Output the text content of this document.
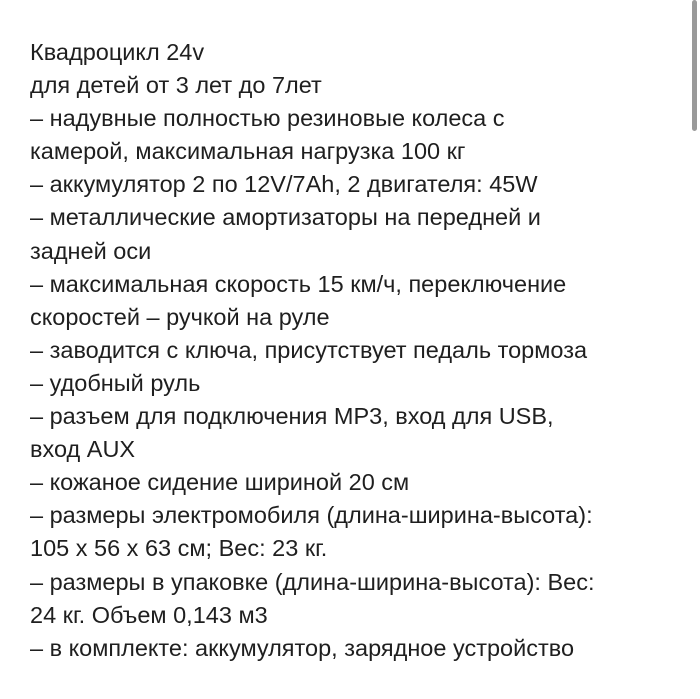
Квадроцикл 24v
для детей от 3 лет до 7лет
– надувные полностью резиновые колеса с
камерой, максимальная нагрузка 100 кг
– аккумулятор 2 по 12V/7Ah, 2 двигателя: 45W
– металлические амортизаторы на передней и
задней оси
– максимальная скорость 15 км/ч, переключение
скоростей – ручкой на руле
– заводится с ключа, присутствует педаль тормоза
– удобный руль
– разъем для подключения MP3, вход для USB,
вход AUX
– кожаное сидение шириной 20 см
– размеры электромобиля (длина-ширина-высота):
105 х 56 х 63 см; Вес: 23 кг.
– размеры в упаковке (длина-ширина-высота): Вес:
24 кг. Объем 0,143 м3
– в комплекте: аккумулятор, зарядное устройство
